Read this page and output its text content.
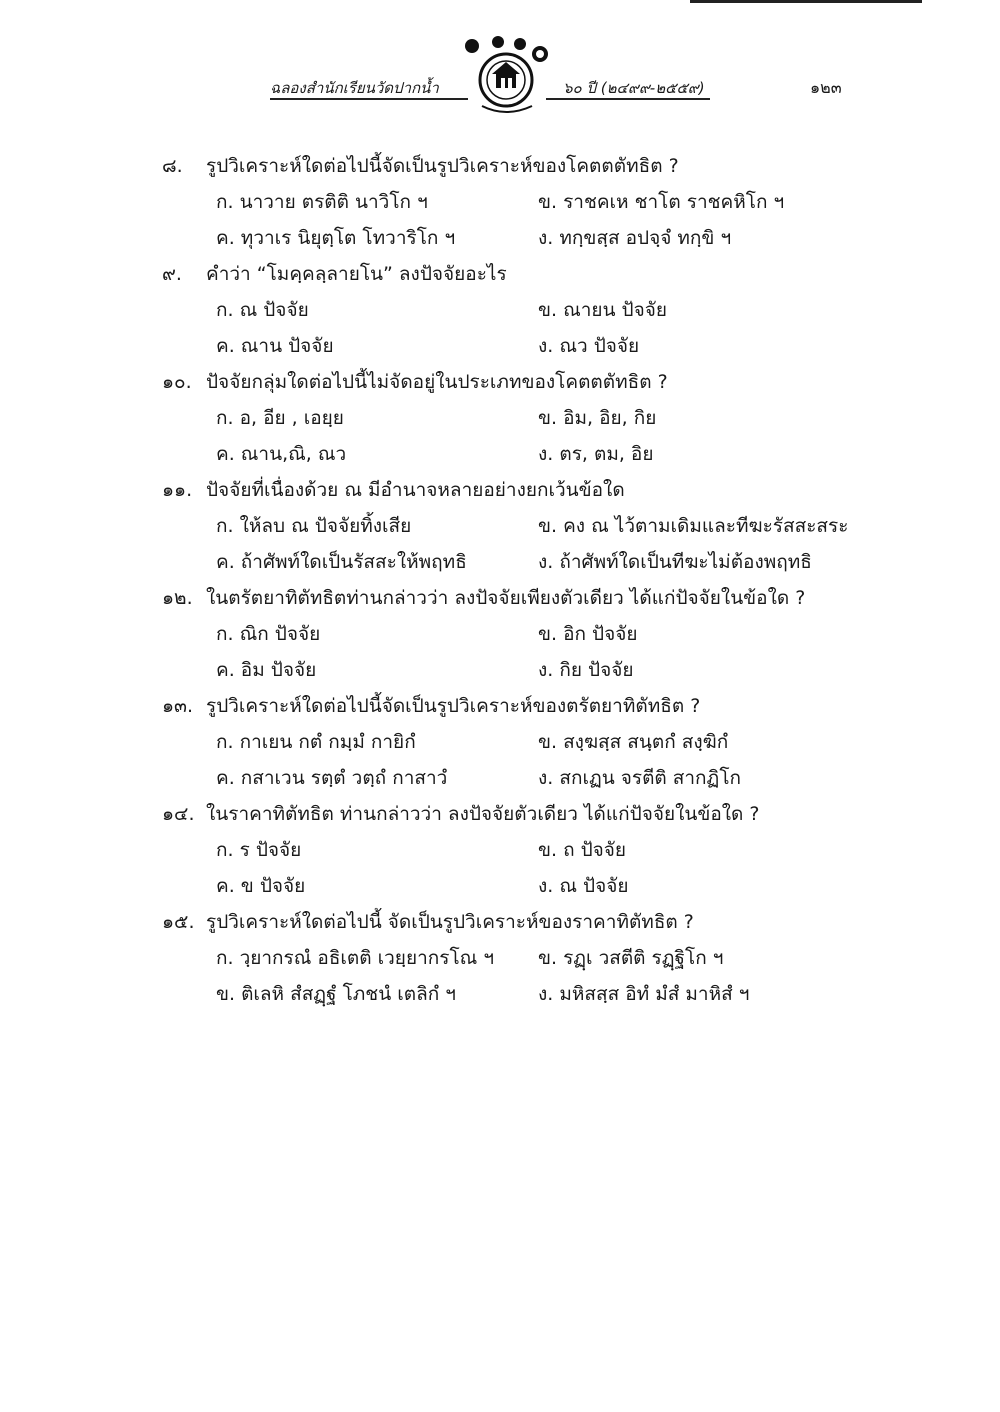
ฉลองสำนักเรียนวัดปากน้ำ	๖๐ ปี (๒๔๙๙-๒๕๕๙)	๑๒๓
๘. รูปวิเคราะห์ใดต่อไปนี้จัดเป็นรูปวิเคราะห์ของโคตตตัทธิต ?
ก. นาวาย ตรติติ นาวิโก ฯ	ข. ราชคเห ชาโต ราชคหิโก ฯ
ค. ทุวาเร นิยุตฺโต โทวาริโก ฯ	ง. ทกฺขสฺส อปจฺจํ ทกฺขิ ฯ
๙. คำว่า “โมคฺคลฺลายโน” ลงปัจจัยอะไร
ก. ณ ปัจจัย	ข. ณายน ปัจจัย
ค. ณาน ปัจจัย	ง. ณว ปัจจัย
๑๐. ปัจจัยกลุ่มใดต่อไปนี้ไม่จัดอยู่ในประเภทของโคตตตัทธิต ?
ก. อ, อีย , เอยฺย	ข. อิม, อิย, กิย
ค. ณาน,ณิ, ณว	ง. ตร, ตม, อิย
๑๑. ปัจจัยที่เนื่องด้วย ณ มีอำนาจหลายอย่างยกเว้นข้อใด
ก. ให้ลบ ณ ปัจจัยทิ้งเสีย	ข. คง ณ ไว้ตามเดิมและทีฆะรัสสะสระ
ค. ถ้าศัพท์ใดเป็นรัสสะให้พฤทธิ	ง. ถ้าศัพท์ใดเป็นทีฆะไม่ต้องพฤทธิ
๑๒. ในตรัตยาทิตัทธิตท่านกล่าวว่า ลงปัจจัยเพียงตัวเดียว ได้แก่ปัจจัยในข้อใด ?
ก. ณิก ปัจจัย	ข. อิก ปัจจัย
ค. อิม ปัจจัย	ง. กิย ปัจจัย
๑๓. รูปวิเคราะห์ใดต่อไปนี้จัดเป็นรูปวิเคราะห์ของตรัตยาทิตัทธิต ?
ก. กาเยน กตํ กมฺมํ กายิกํ	ข. สงฺฆสฺส สนฺตกํ สงฺฆิกํ
ค. กสาเวน รตฺตํ วตฺถํ กาสาวํ	ง. สกเฏน จรตีติ สากฏิโก
๑๔. ในราคาทิตัทธิต ท่านกล่าวว่า ลงปัจจัยตัวเดียว ได้แก่ปัจจัยในข้อใด ?
ก. ร ปัจจัย	ข. ถ ปัจจัย
ค. ข ปัจจัย	ง. ณ ปัจจัย
๑๕. รูปวิเคราะห์ใดต่อไปนี้ จัดเป็นรูปวิเคราะห์ของราคาทิตัทธิต ?
ก. วฺยากรณํ อธิเตติ เวยฺยากรโณ ฯ ข. รฏฺเ วสตีติ รฏฺฐิโก ฯ
ข. ติเลหิ สํสฏฺฐํ โภชนํ เตลิกํ ฯ	ง. มหิสสฺส อิทํ มํสํ มาหิสํ ฯ
